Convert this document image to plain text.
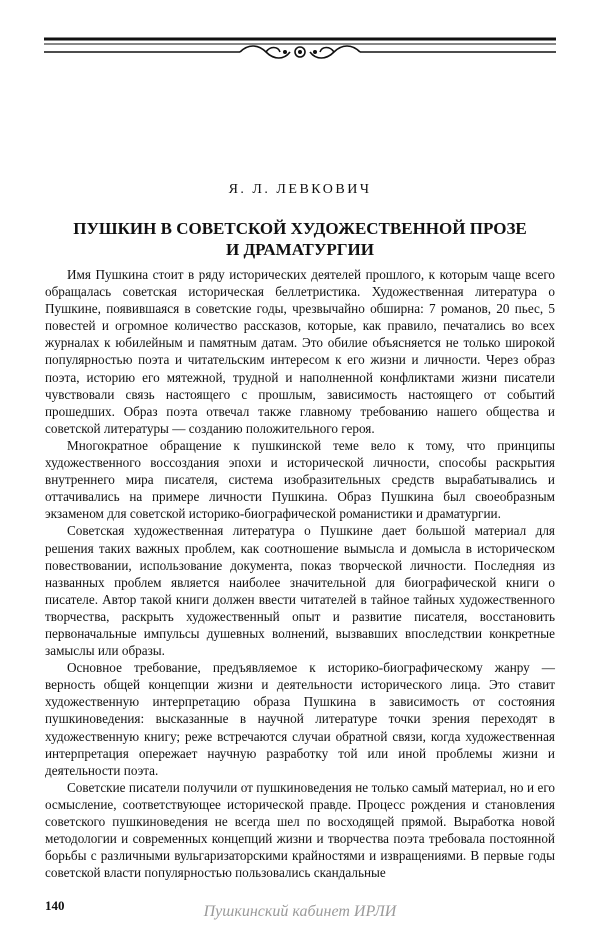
Я. Л. ЛЕВКОВИЧ
ПУШКИН В СОВЕТСКОЙ ХУДОЖЕСТВЕННОЙ ПРОЗЕ
И ДРАМАТУРГИИ

Имя Пушкина стоит в ряду исторических деятелей прошлого, к которым чаще всего обращалась советская историческая беллетристика. Художественная литература о Пушкине, появившаяся в советские годы, чрезвычайно обширна: 7 романов, 20 пьес, 5 повестей и огромное количество рассказов, которые, как правило, печатались во всех журналах к юбилейным и памятным датам. Это обилие объясняется не только широкой популярностью поэта и читательским интересом к его жизни и личности. Через образ поэта, историю его мятежной, трудной и наполненной конфликтами жизни писатели чувствовали связь настоящего с прошлым, зависимость настоящего от событий прошедших. Образ поэта отвечал также главному требованию нашего общества и советской литературы — созданию положительного героя.

Многократное обращение к пушкинской теме вело к тому, что принципы художественного воссоздания эпохи и исторической личности, способы раскрытия внутреннего мира писателя, система изобразительных средств вырабатывались и оттачивались на примере личности Пушкина. Образ Пушкина был своеобразным экзаменом для советской историко-биографической романистики и драматургии.

Советская художественная литература о Пушкине дает большой материал для решения таких важных проблем, как соотношение вымысла и домысла в историческом повествовании, использование документа, показ творческой личности. Последняя из названных проблем является наиболее значительной для биографической книги о писателе. Автор такой книги должен ввести читателей в тайное тайных художественного творчества, раскрыть художественный опыт и развитие писателя, восстановить первоначальные импульсы душевных волнений, вызвавших впоследствии конкретные замыслы или образы.

Основное требование, предъявляемое к историко-биографическому жанру — верность общей концепции жизни и деятельности исторического лица. Это ставит художественную интерпретацию образа Пушкина в зависимость от состояния пушкиноведения: высказанные в научной литературе точки зрения переходят в художественную книгу; реже встречаются случаи обратной связи, когда художественная интерпретация опережает научную разработку той или иной проблемы жизни и деятельности поэта.

Советские писатели получили от пушкиноведения не только самый материал, но и его осмысление, соответствующее исторической правде. Процесс рождения и становления советского пушкиноведения не всегда шел по восходящей прямой. Выработка новой методологии и современных концепций жизни и творчества поэта требовала постоянной борьбы с различными вульгаризаторскими крайностями и извращениями. В первые годы советской власти популярностью пользовались скандальные

140	Пушкинский кабинет ИРЛИ
